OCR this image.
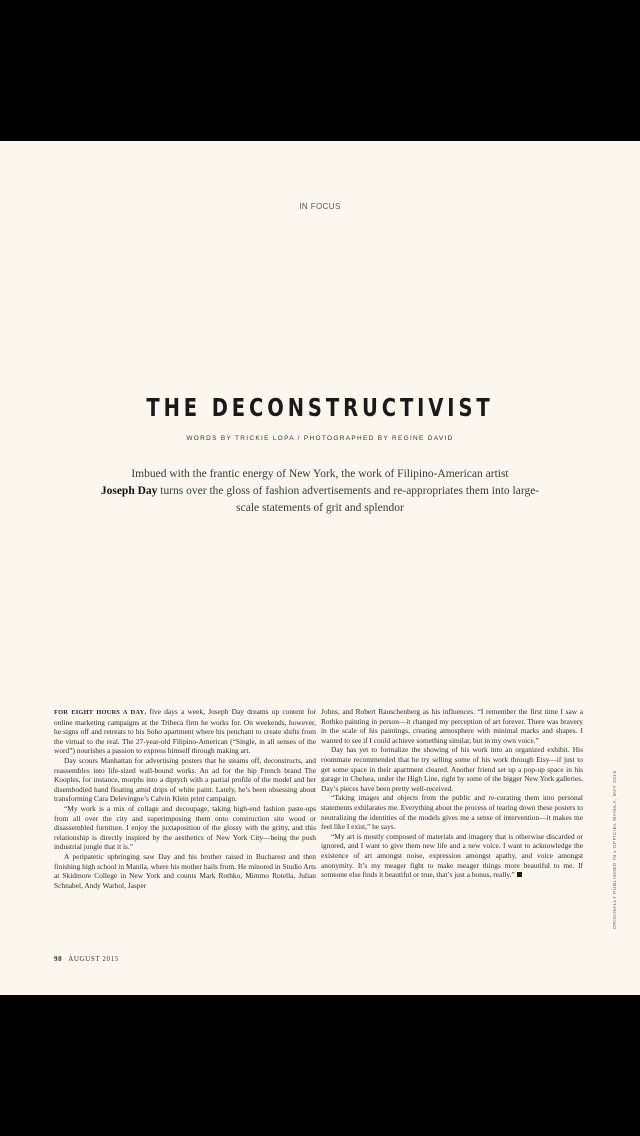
IN FOCUS
THE DECONSTRUCTIVIST
WORDS BY TRICKIE LOPA / PHOTOGRAPHED BY REGINE DAVID
Imbued with the frantic energy of New York, the work of Filipino-American artist
Joseph Day turns over the gloss of fashion advertisements and re-appropriates them into large-scale statements of grit and splendor

FOR EIGHT HOURS A DAY, five days a week, Joseph Day dreams up content for online marketing campaigns at the Tribeca firm he works for. On weekends, however, he signs off and retreats to his Soho apartment where his penchant to create shifts from the virtual to the real. The 27-year-old Filipino-American (“Single, in all senses of the word”) nourishes a passion to express himself through making art.

Day scours Manhattan for advertising posters that he steams off, deconstructs, and reassembles into life-sized wall-bound works. An ad for the hip French brand The Kooples, for instance, morphs into a diptych with a partial profile of the model and her disembodied hand floating amid drips of white paint. Lately, he’s been obsessing about transforming Cara Delevingne’s Calvin Klein print campaign.

“My work is a mix of collage and decoupage, taking high-end fashion paste-ups from all over the city and superimposing them onto construction site wood or disassembled furniture. I enjoy the juxtaposition of the glossy with the gritty, and this relationship is directly inspired by the aesthetics of New York City—being the posh industrial jungle that it is.”

A peripatetic upbringing saw Day and his brother raised in Bucharest and then finishing high school in Manila, where his mother hails from. He minored in Studio Arts at Skidmore College in New York and counts Mark Rothko, Mimmo Rotella, Julian Schnabel, Andy Warhol, Jasper

Johns, and Robert Rauschenberg as his influences. “I remember the first time I saw a Rothko painting in person—it changed my perception of art forever. There was bravery in the scale of his paintings, creating atmosphere with minimal marks and shapes. I wanted to see if I could achieve something similar, but in my own voice.”

Day has yet to formalize the showing of his work into an organized exhibit. His roommate recommended that he try selling some of his work through Etsy—if just to get some space in their apartment cleared. Another friend set up a pop-up space in his garage in Chelsea, under the High Line, right by some of the bigger New York galleries. Day’s pieces have been pretty well-received.

“Taking images and objects from the public and re-curating them into personal statements exhilarates me. Everything about the process of tearing down these posters to neutralizing the identities of the models gives me a sense of intervention—it makes me feel like I exist,” he says.

“My art is mostly composed of materials and imagery that is otherwise discarded or ignored, and I want to give them new life and a new voice. I want to acknowledge the existence of art amongst noise, expression amongst apathy, and voice amongst anonymity. It’s my meager fight to make meager things more beautiful to me. If someone else finds it beautiful or true, that’s just a bonus, really.”	ORIGINALLY PUBLISHED IN L'OFFICIEL MANILA, MAY 2015
98 AUGUST 2015
